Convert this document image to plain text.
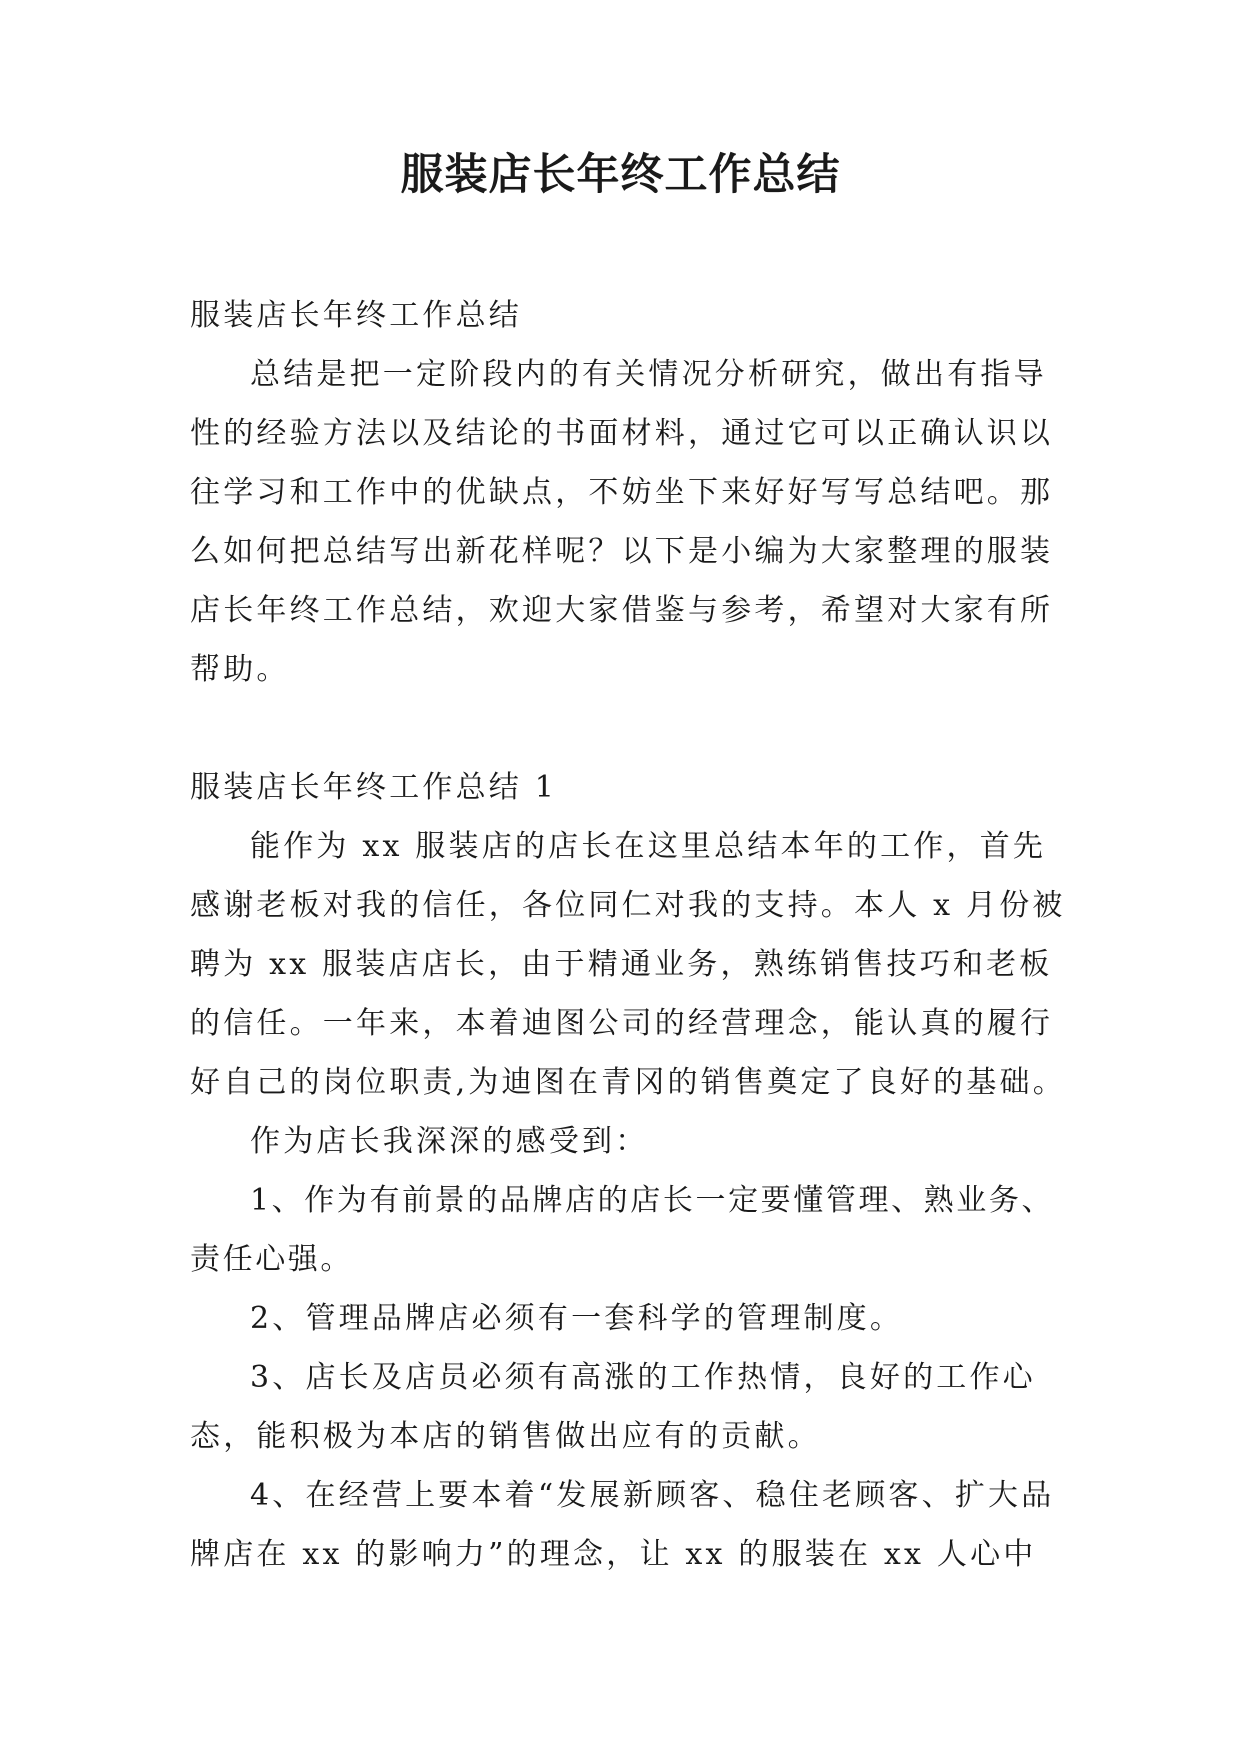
服装店长年终工作总结

服装店长年终工作总结

总结是把一定阶段内的有关情况分析研究，做出有指导性的经验方法以及结论的书面材料，通过它可以正确认识以往学习和工作中的优缺点，不妨坐下来好好写写总结吧。那么如何把总结写出新花样呢？以下是小编为大家整理的服装店长年终工作总结，欢迎大家借鉴与参考，希望对大家有所帮助。

服装店长年终工作总结 1

能作为 xx 服装店的店长在这里总结本年的工作，首先感谢老板对我的信任，各位同仁对我的支持。本人 x 月份被聘为 xx 服装店店长，由于精通业务，熟练销售技巧和老板的信任。一年来，本着迪图公司的经营理念，能认真的履行好自己的岗位职责,为迪图在青冈的销售奠定了良好的基础。

作为店长我深深的感受到：

1、作为有前景的品牌店的店长一定要懂管理、熟业务、责任心强。

2、管理品牌店必须有一套科学的管理制度。

3、店长及店员必须有高涨的工作热情，良好的工作心态，能积极为本店的销售做出应有的贡献。

4、在经营上要本着“发展新顾客、稳住老顾客、扩大品牌店在 xx 的影响力”的理念，让 xx 的服装在 xx 人心中
